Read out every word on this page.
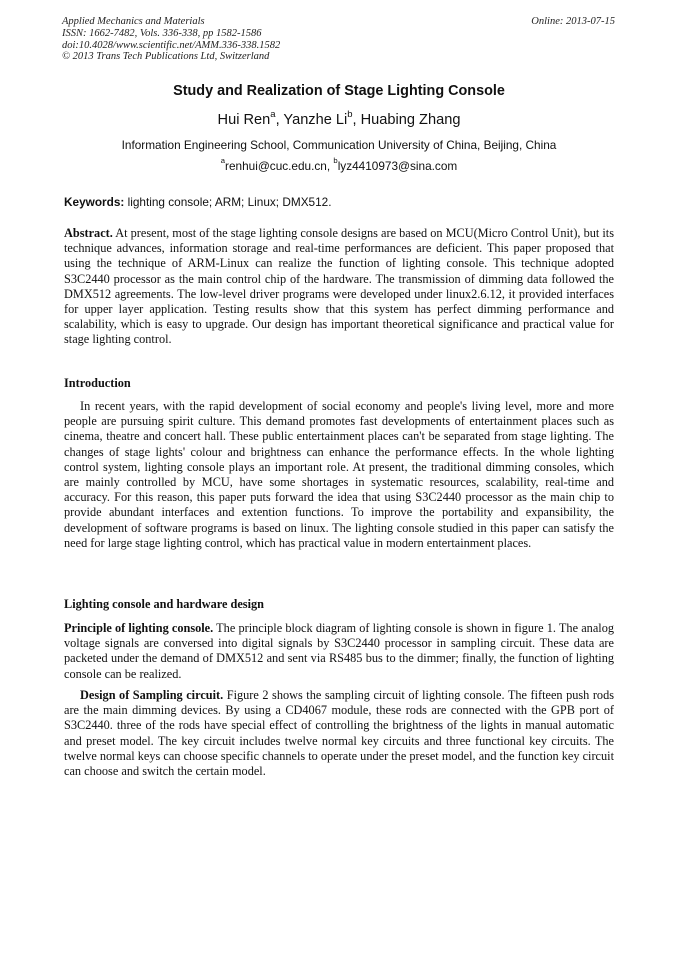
Applied Mechanics and Materials
ISSN: 1662-7482, Vols. 336-338, pp 1582-1586
doi:10.4028/www.scientific.net/AMM.336-338.1582
© 2013 Trans Tech Publications Ltd, Switzerland
Online: 2013-07-15
Study and Realization of Stage Lighting Console
Hui Ren$^a$, Yanzhe Li$^b$, Huabing Zhang
Information Engineering School, Communication University of China, Beijing, China
$^a$renhui@cuc.edu.cn, $^b$lyz4410973@sina.com
Keywords: lighting console; ARM; Linux; DMX512.
Abstract. At present, most of the stage lighting console designs are based on MCU(Micro Control Unit), but its technique advances, information storage and real-time performances are deficient. This paper proposed that using the technique of ARM-Linux can realize the function of lighting console. This technique adopted S3C2440 processor as the main control chip of the hardware. The transmission of dimming data followed the DMX512 agreements. The low-level driver programs were developed under linux2.6.12, it provided interfaces for upper layer application. Testing results show that this system has perfect dimming performance and scalability, which is easy to upgrade. Our design has important theoretical significance and practical value for stage lighting control.
Introduction
In recent years, with the rapid development of social economy and people's living level, more and more people are pursuing spirit culture. This demand promotes fast developments of entertainment places such as cinema, theatre and concert hall. These public entertainment places can't be separated from stage lighting. The changes of stage lights' colour and brightness can enhance the performance effects. In the whole lighting control system, lighting console plays an important role. At present, the traditional dimming consoles, which are mainly controlled by MCU, have some shortages in systematic resources, scalability, real-time and accuracy. For this reason, this paper puts forward the idea that using S3C2440 processor as the main chip to provide abundant interfaces and extention functions. To improve the portability and expansibility, the development of software programs is based on linux. The lighting console studied in this paper can satisfy the need for large stage lighting control, which has practical value in modern entertainment places.
Lighting console and hardware design
Principle of lighting console. The principle block diagram of lighting console is shown in figure 1. The analog voltage signals are conversed into digital signals by S3C2440 processor in sampling circuit. These data are packeted under the demand of DMX512 and sent via RS485 bus to the dimmer; finally, the function of lighting console can be realized.
Design of Sampling circuit. Figure 2 shows the sampling circuit of lighting console. The fifteen push rods are the main dimming devices. By using a CD4067 module, these rods are connected with the GPB port of S3C2440. three of the rods have special effect of controlling the brightness of the lights in manual automatic and preset model. The key circuit includes twelve normal key circuits and three functional key circuits. The twelve normal keys can choose specific channels to operate under the preset model, and the function key circuit can choose and switch the certain model.
